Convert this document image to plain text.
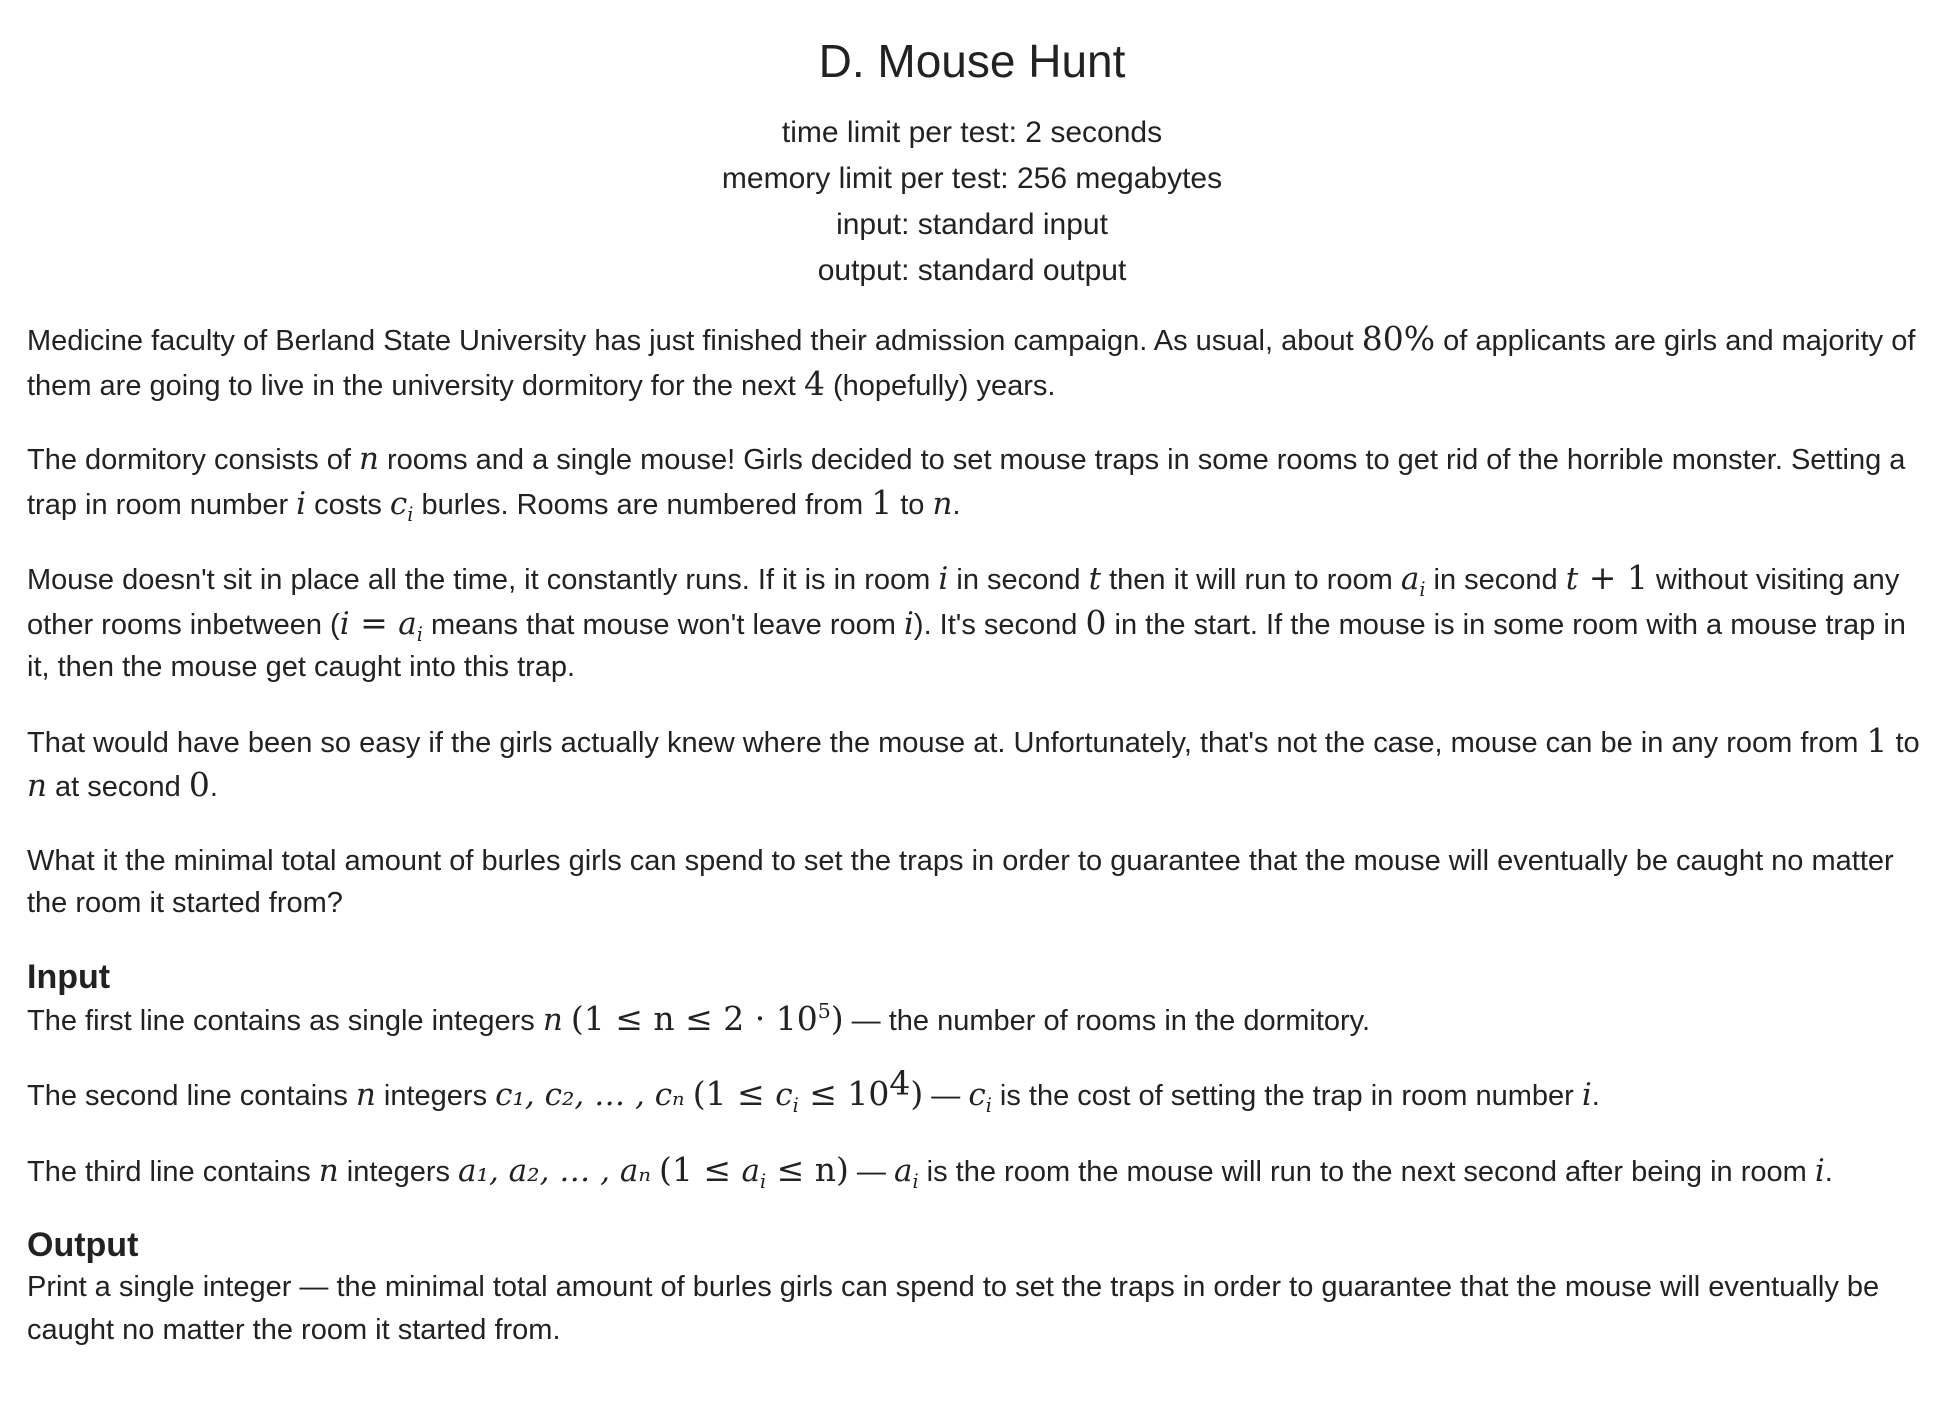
D. Mouse Hunt

time limit per test: 2 seconds

memory limit per test: 256 megabytes

input: standard input

output: standard output

Medicine faculty of Berland State University has just finished their admission campaign. As usual, about 80% of applicants are girls and majority of them are going to live in the university dormitory for the next 4 (hopefully) years.

The dormitory consists of n rooms and a single mouse! Girls decided to set mouse traps in some rooms to get rid of the horrible monster. Setting a trap in room number i costs $c_i$ burles. Rooms are numbered from 1 to n.

Mouse doesn't sit in place all the time, it constantly runs. If it is in room i in second t then it will run to room $a_i$ in second t + 1 without visiting any other rooms inbetween ($i = a_i$ means that mouse won't leave room i). It's second 0 in the start. If the mouse is in some room with a mouse trap in it, then the mouse get caught into this trap.

That would have been so easy if the girls actually knew where the mouse at. Unfortunately, that's not the case, mouse can be in any room from 1 to n at second 0.

What it the minimal total amount of burles girls can spend to set the traps in order to guarantee that the mouse will eventually be caught no matter the room it started from?

Input

The first line contains as single integers n $(1 \le n \le 2 \cdot 10^5)$ — the number of rooms in the dormitory.

The second line contains n integers c₁, c₂, … , cₙ $(1 \le c_i \le 10^4)$ — $c_i$ is the cost of setting the trap in room number i.

The third line contains n integers a₁, a₂, … , aₙ $(1 \le a_i \le n)$ — $a_i$ is the room the mouse will run to the next second after being in room i.

Output

Print a single integer — the minimal total amount of burles girls can spend to set the traps in order to guarantee that the mouse will eventually be caught no matter the room it started from.
